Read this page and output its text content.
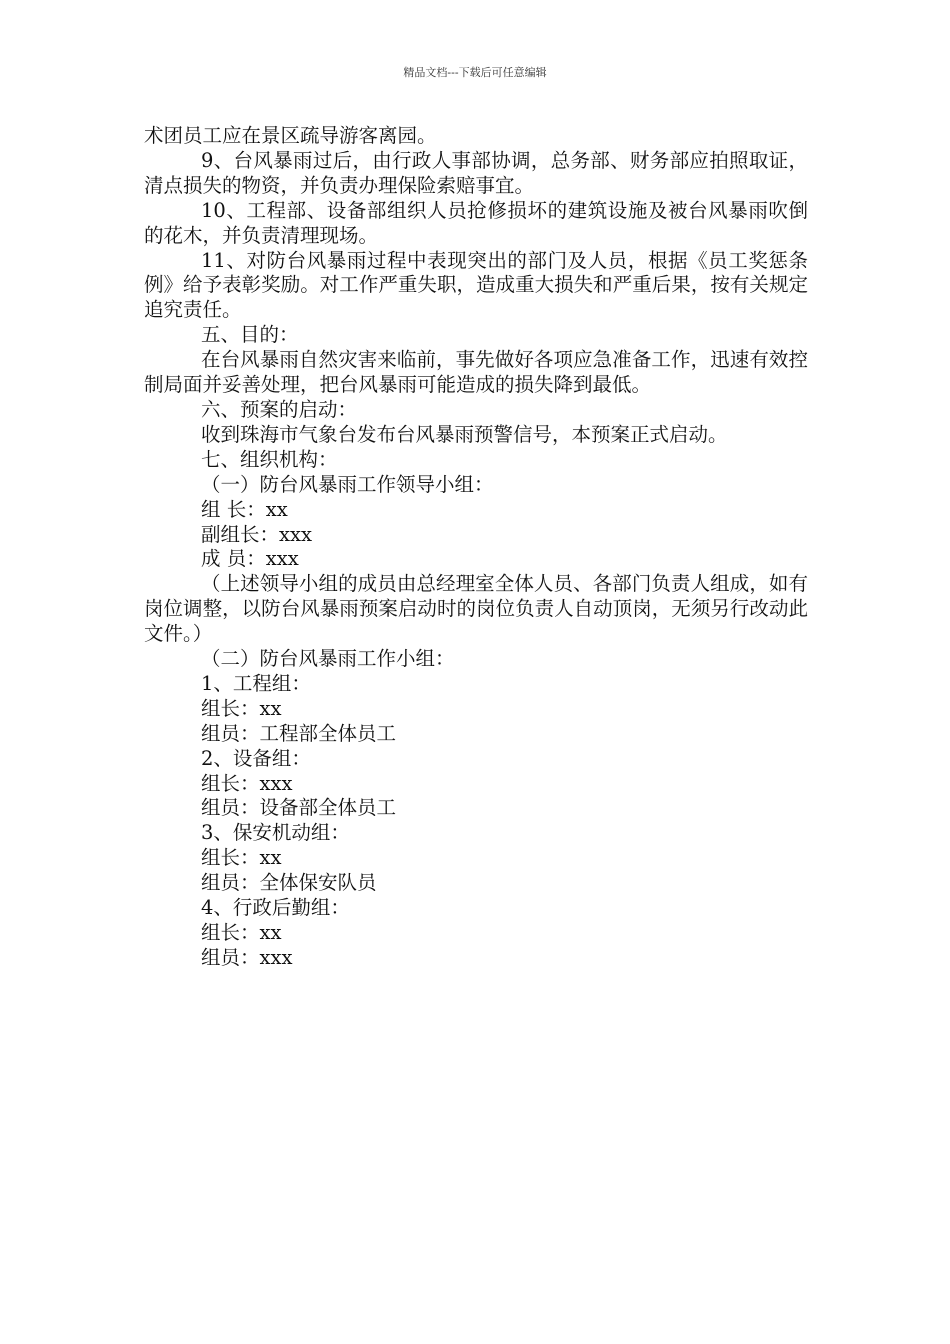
精品文档---下载后可任意编辑

术团员工应在景区疏导游客离园。

9、台风暴雨过后，由行政人事部协调，总务部、财务部应拍照取证，清点损失的物资，并负责办理保险索赔事宜。

10、工程部、设备部组织人员抢修损坏的建筑设施及被台风暴雨吹倒的花木，并负责清理现场。

11、对防台风暴雨过程中表现突出的部门及人员，根据《员工奖惩条例》给予表彰奖励。对工作严重失职，造成重大损失和严重后果，按有关规定追究责任。

五、目的：

在台风暴雨自然灾害来临前，事先做好各项应急准备工作，迅速有效控制局面并妥善处理，把台风暴雨可能造成的损失降到最低。

六、预案的启动：

收到珠海市气象台发布台风暴雨预警信号，本预案正式启动。

七、组织机构：

（一）防台风暴雨工作领导小组：

组 长：xx

副组长：xxx

成 员：xxx

（上述领导小组的成员由总经理室全体人员、各部门负责人组成，如有岗位调整，以防台风暴雨预案启动时的岗位负责人自动顶岗，无须另行改动此文件。）

（二）防台风暴雨工作小组：

1、工程组：

组长：xx

组员：工程部全体员工

2、设备组：

组长：xxx

组员：设备部全体员工

3、保安机动组：

组长：xx

组员：全体保安队员

4、行政后勤组：

组长：xx

组员：xxx
